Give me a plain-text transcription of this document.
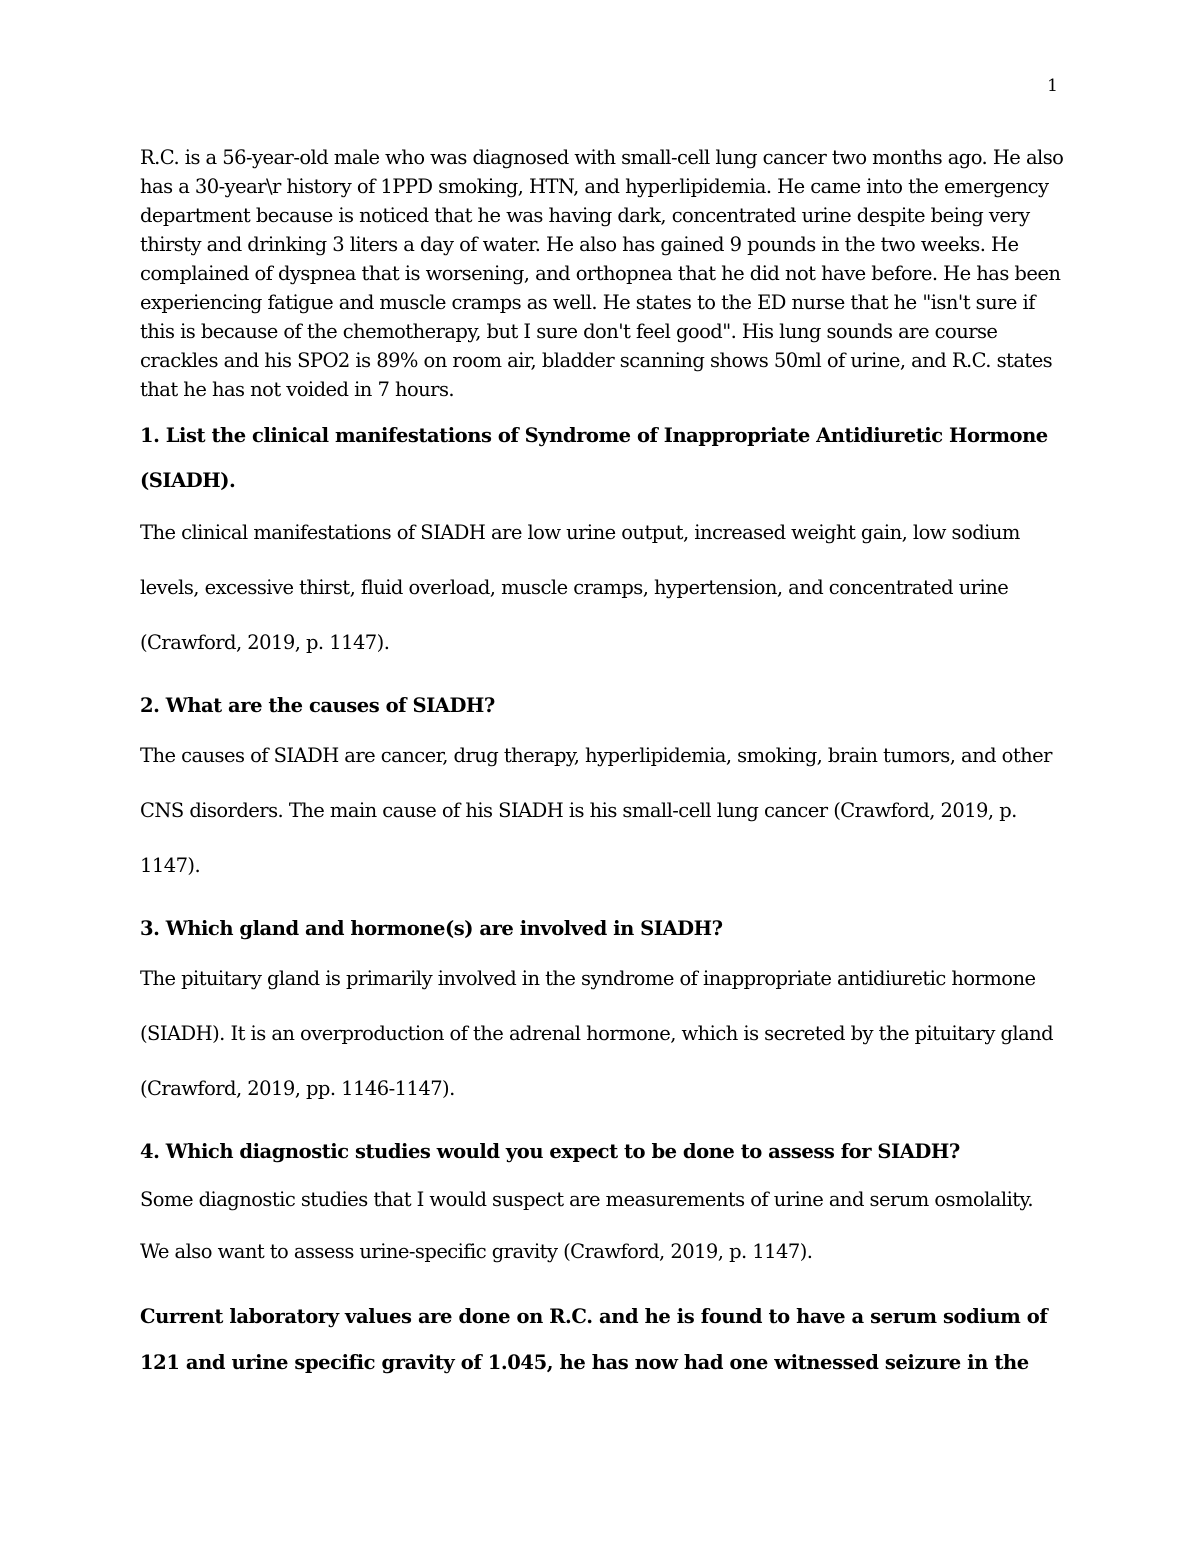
1

R.C. is a 56-year-old male who was diagnosed with small-cell lung cancer two months ago. He also has a 30-year\r history of 1PPD smoking, HTN, and hyperlipidemia. He came into the emergency department because is noticed that he was having dark, concentrated urine despite being very thirsty and drinking 3 liters a day of water. He also has gained 9 pounds in the two weeks. He complained of dyspnea that is worsening, and orthopnea that he did not have before. He has been experiencing fatigue and muscle cramps as well. He states to the ED nurse that he "isn't sure if this is because of the chemotherapy, but I sure don't feel good". His lung sounds are course crackles and his SPO2 is 89% on room air, bladder scanning shows 50ml of urine, and R.C. states that he has not voided in 7 hours.

1. List the clinical manifestations of Syndrome of Inappropriate Antidiuretic Hormone (SIADH).

The clinical manifestations of SIADH are low urine output, increased weight gain, low sodium levels, excessive thirst, fluid overload, muscle cramps, hypertension, and concentrated urine (Crawford, 2019, p. 1147).

2. What are the causes of SIADH?

The causes of SIADH are cancer, drug therapy, hyperlipidemia, smoking, brain tumors, and other CNS disorders. The main cause of his SIADH is his small-cell lung cancer (Crawford, 2019, p. 1147).

3. Which gland and hormone(s) are involved in SIADH?

The pituitary gland is primarily involved in the syndrome of inappropriate antidiuretic hormone (SIADH). It is an overproduction of the adrenal hormone, which is secreted by the pituitary gland (Crawford, 2019, pp. 1146-1147).

4. Which diagnostic studies would you expect to be done to assess for SIADH?

Some diagnostic studies that I would suspect are measurements of urine and serum osmolality. We also want to assess urine-specific gravity (Crawford, 2019, p. 1147).

Current laboratory values are done on R.C. and he is found to have a serum sodium of 121 and urine specific gravity of 1.045, he has now had one witnessed seizure in the
